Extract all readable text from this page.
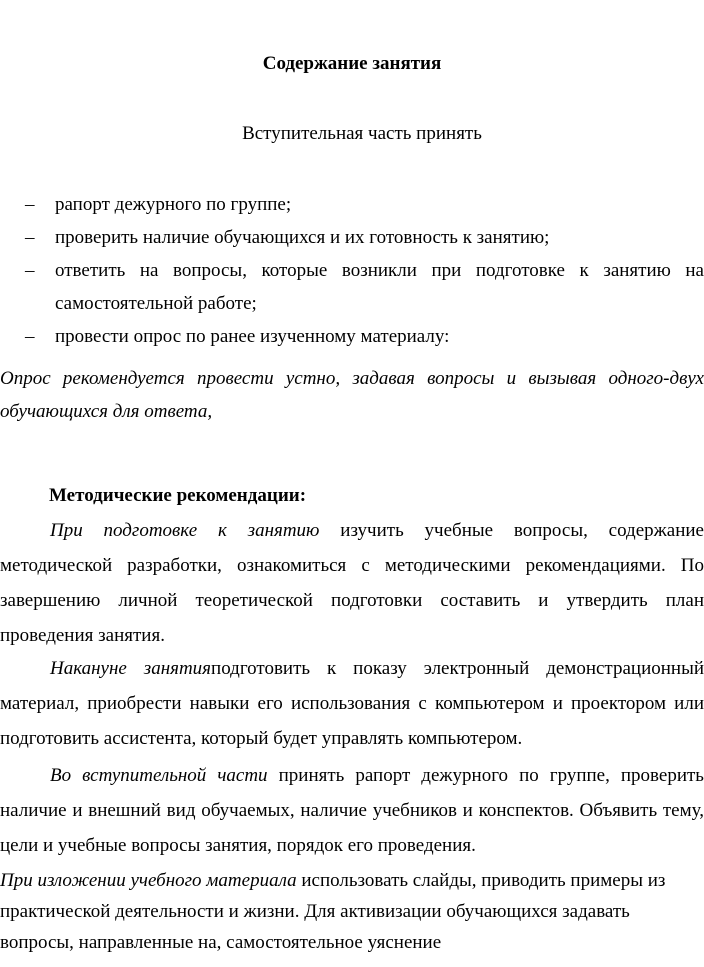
Содержание занятия
Вступительная часть принять
– рапорт дежурного по группе;
– проверить наличие обучающихся и их готовность к занятию;
– ответить на вопросы, которые возникли при подготовке к занятию на самостоятельной работе;
– провести опрос по ранее изученному материалу:
Опрос рекомендуется провести устно, задавая вопросы и вызывая одного-двух обучающихся для ответа,
Методические рекомендации:
При подготовке к занятию изучить учебные вопросы, содержание методической разработки, ознакомиться с методическими рекомендациями. По завершению личной теоретической подготовки составить и утвердить план проведения занятия.
Накануне занятияподготовить к показу электронный демонстрационный материал, приобрести навыки его использования с компьютером и проектором или подготовить ассистента, который будет управлять компьютером.
Во вступительной части принять рапорт дежурного по группе, проверить наличие и внешний вид обучаемых, наличие учебников и конспектов. Объявить тему, цели и учебные вопросы занятия, порядок его проведения.
При изложении учебного материала использовать слайды, приводить примеры из практической деятельности и жизни. Для активизации обучающихся задавать вопросы, направленные на, самостоятельное уяснение
